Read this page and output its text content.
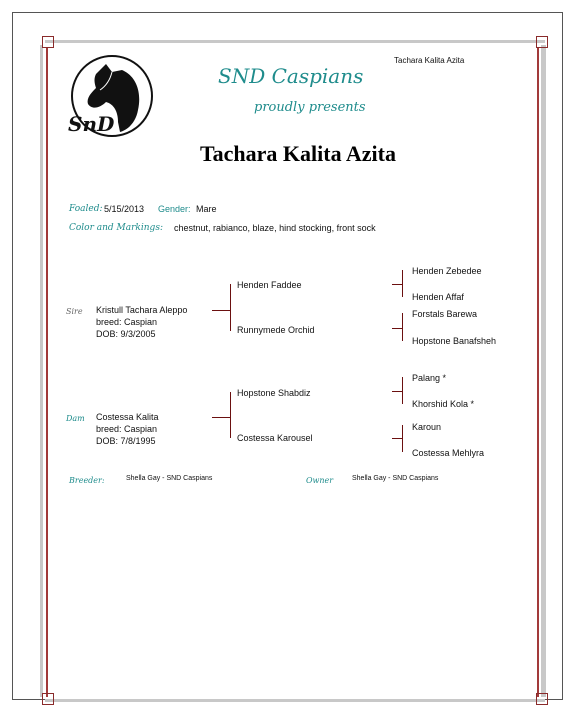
SnD
Tachara Kalita Azita
SND Caspians
proudly presents
Tachara Kalita Azita
Foaled: 5/15/2013 Gender: Mare
Color and Markings: chestnut, rabianco, blaze, hind stocking, front sock
Sire Kristull Tachara Aleppo
breed: Caspian
DOB: 9/3/2005
Dam Costessa Kalita
breed: Caspian
DOB: 7/8/1995
Henden Faddee
Runnymede Orchid
Hopstone Shabdiz
Costessa Karousel
Henden Zebedee
Henden Affaf
Forstals Barewa
Hopstone Banafsheh
Palang *
Khorshid Kola *
Karoun
Costessa Mehlyra
Breeder:	Shella Gay - SND Caspians	Owner	Shella Gay - SND Caspians
